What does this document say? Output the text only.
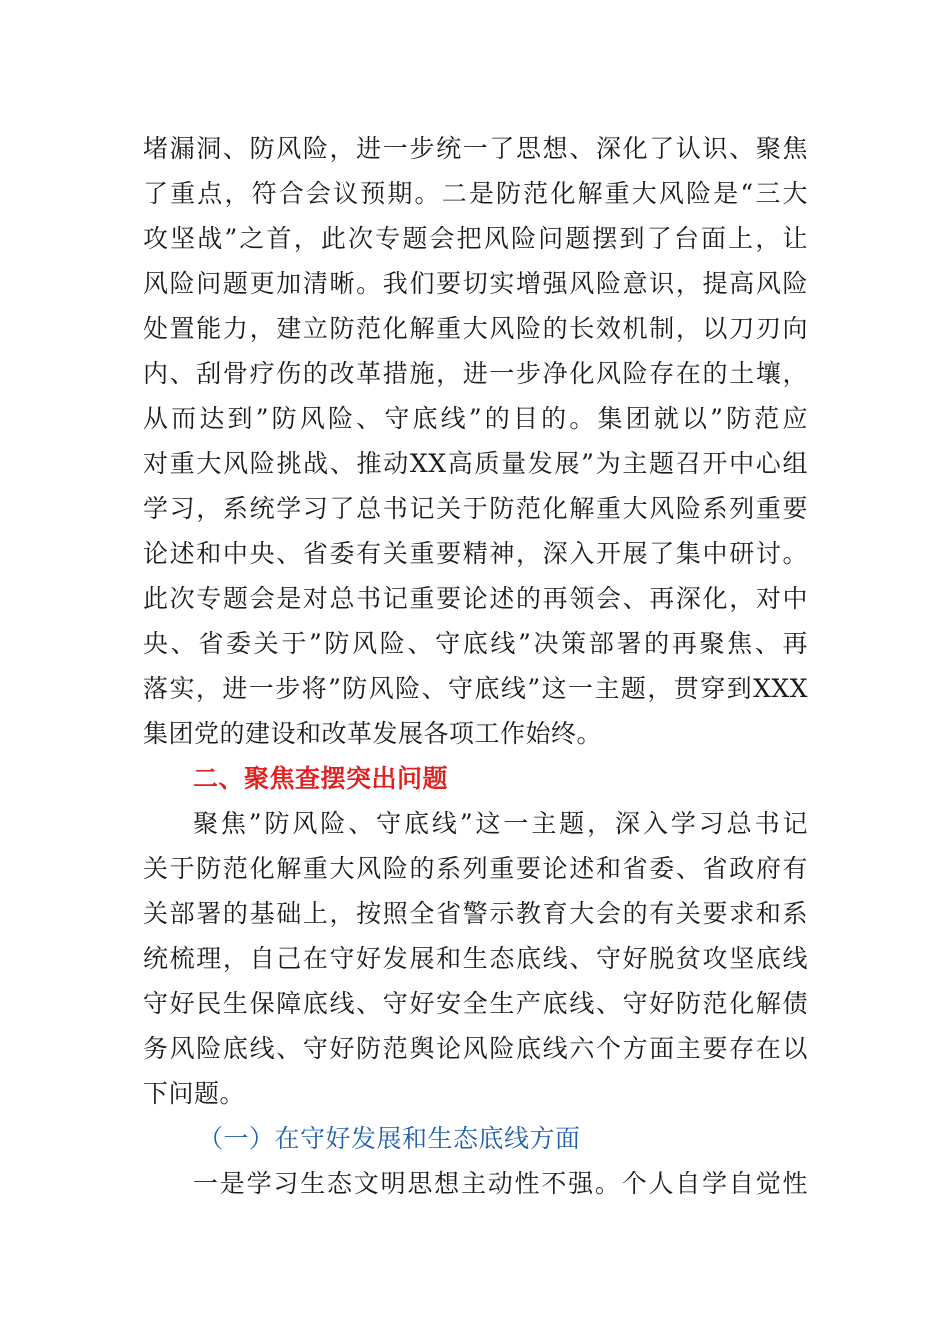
堵漏洞、防风险，进一步统一了思想、深化了认识、聚焦
了重点，符合会议预期。二是防范化解重大风险是“三大
攻坚战”之首，此次专题会把风险问题摆到了台面上，让
风险问题更加清晰。我们要切实增强风险意识，提高风险
处置能力，建立防范化解重大风险的长效机制，以刀刃向
内、刮骨疗伤的改革措施，进一步净化风险存在的土壤，
从而达到”防风险、守底线”的目的。集团就以”防范应
对重大风险挑战、推动XX高质量发展”为主题召开中心组
学习，系统学习了总书记关于防范化解重大风险系列重要
论述和中央、省委有关重要精神，深入开展了集中研讨。
此次专题会是对总书记重要论述的再领会、再深化，对中
央、省委关于”防风险、守底线”决策部署的再聚焦、再
落实，进一步将”防风险、守底线”这一主题，贯穿到XXX
集团党的建设和改革发展各项工作始终。
二、聚焦查摆突出问题
聚焦”防风险、守底线”这一主题，深入学习总书记
关于防范化解重大风险的系列重要论述和省委、省政府有
关部署的基础上，按照全省警示教育大会的有关要求和系
统梳理，自己在守好发展和生态底线、守好脱贫攻坚底线
守好民生保障底线、守好安全生产底线、守好防范化解债
务风险底线、守好防范舆论风险底线六个方面主要存在以
下问题。
（一）在守好发展和生态底线方面
一是学习生态文明思想主动性不强。个人自学自觉性
